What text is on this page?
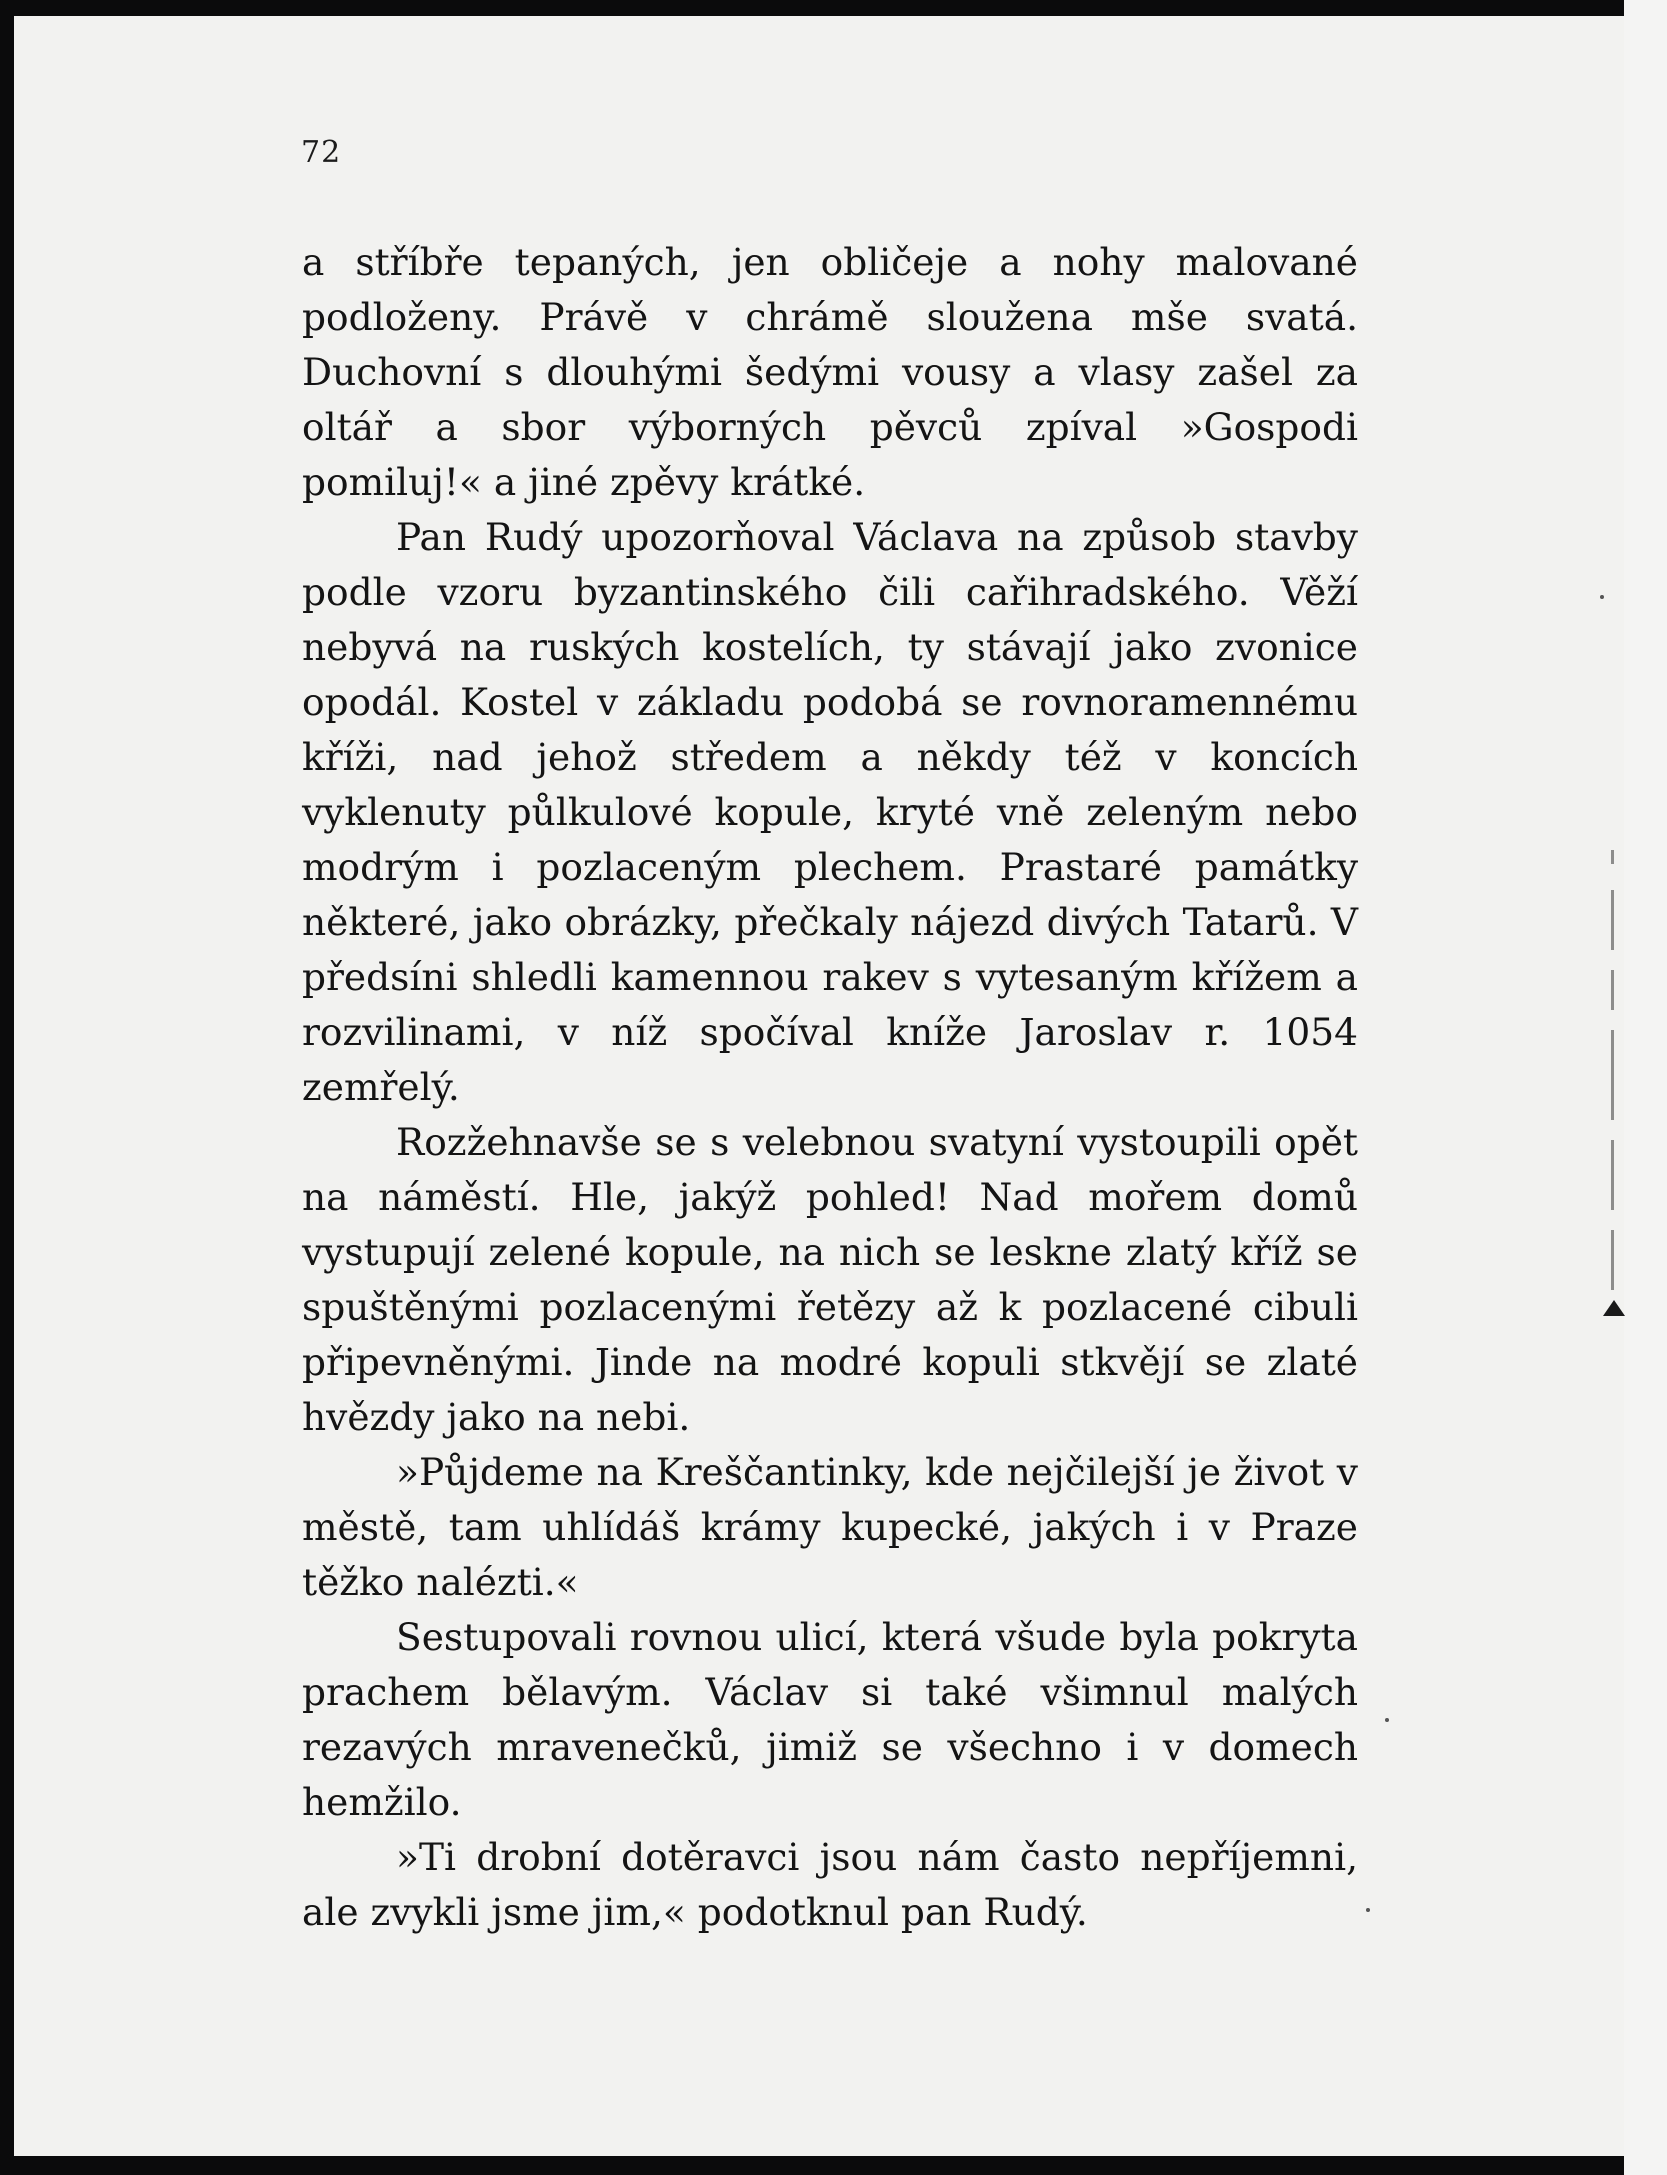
72

a stříbře tepaných, jen obličeje a nohy malované podloženy. Právě v chrámě sloužena mše svatá. Duchovní s dlouhými šedými vousy a vlasy zašel za oltář a sbor výborných pěvců zpíval »Gospodi pomiluj!« a jiné zpěvy krátké.

Pan Rudý upozorňoval Václava na způsob stavby podle vzoru byzantinského čili cařihradského. Věží nebyvá na ruských kostelích, ty stávají jako zvonice opodál. Kostel v základu podobá se rovnoramennému kříži, nad jehož středem a někdy též v koncích vyklenuty půlkulové kopule, kryté vně zeleným nebo modrým i pozlaceným plechem. Prastaré památky některé, jako obrázky, přečkaly nájezd divých Tatarů. V předsíni shledli kamennou rakev s vytesaným křížem a rozvilinami, v níž spočíval kníže Jaroslav r. 1054 zemřelý.

Rozžehnavše se s velebnou svatyní vystoupili opět na náměstí. Hle, jakýž pohled! Nad mořem domů vystupují zelené kopule, na nich se leskne zlatý kříž se spuštěnými pozlacenými řetězy až k pozlacené cibuli připevněnými. Jinde na modré kopuli stkvějí se zlaté hvězdy jako na nebi.

»Půjdeme na Kreščantinky, kde nejčilejší je život v městě, tam uhlídáš krámy kupecké, jakých i v Praze těžko nalézti.«

Sestupovali rovnou ulicí, která všude byla pokryta prachem bělavým. Václav si také všimnul malých rezavých mravenečků, jimiž se všechno i v domech hemžilo.

»Ti drobní dotěravci jsou nám často nepříjemni, ale zvykli jsme jim,« podotknul pan Rudý.
